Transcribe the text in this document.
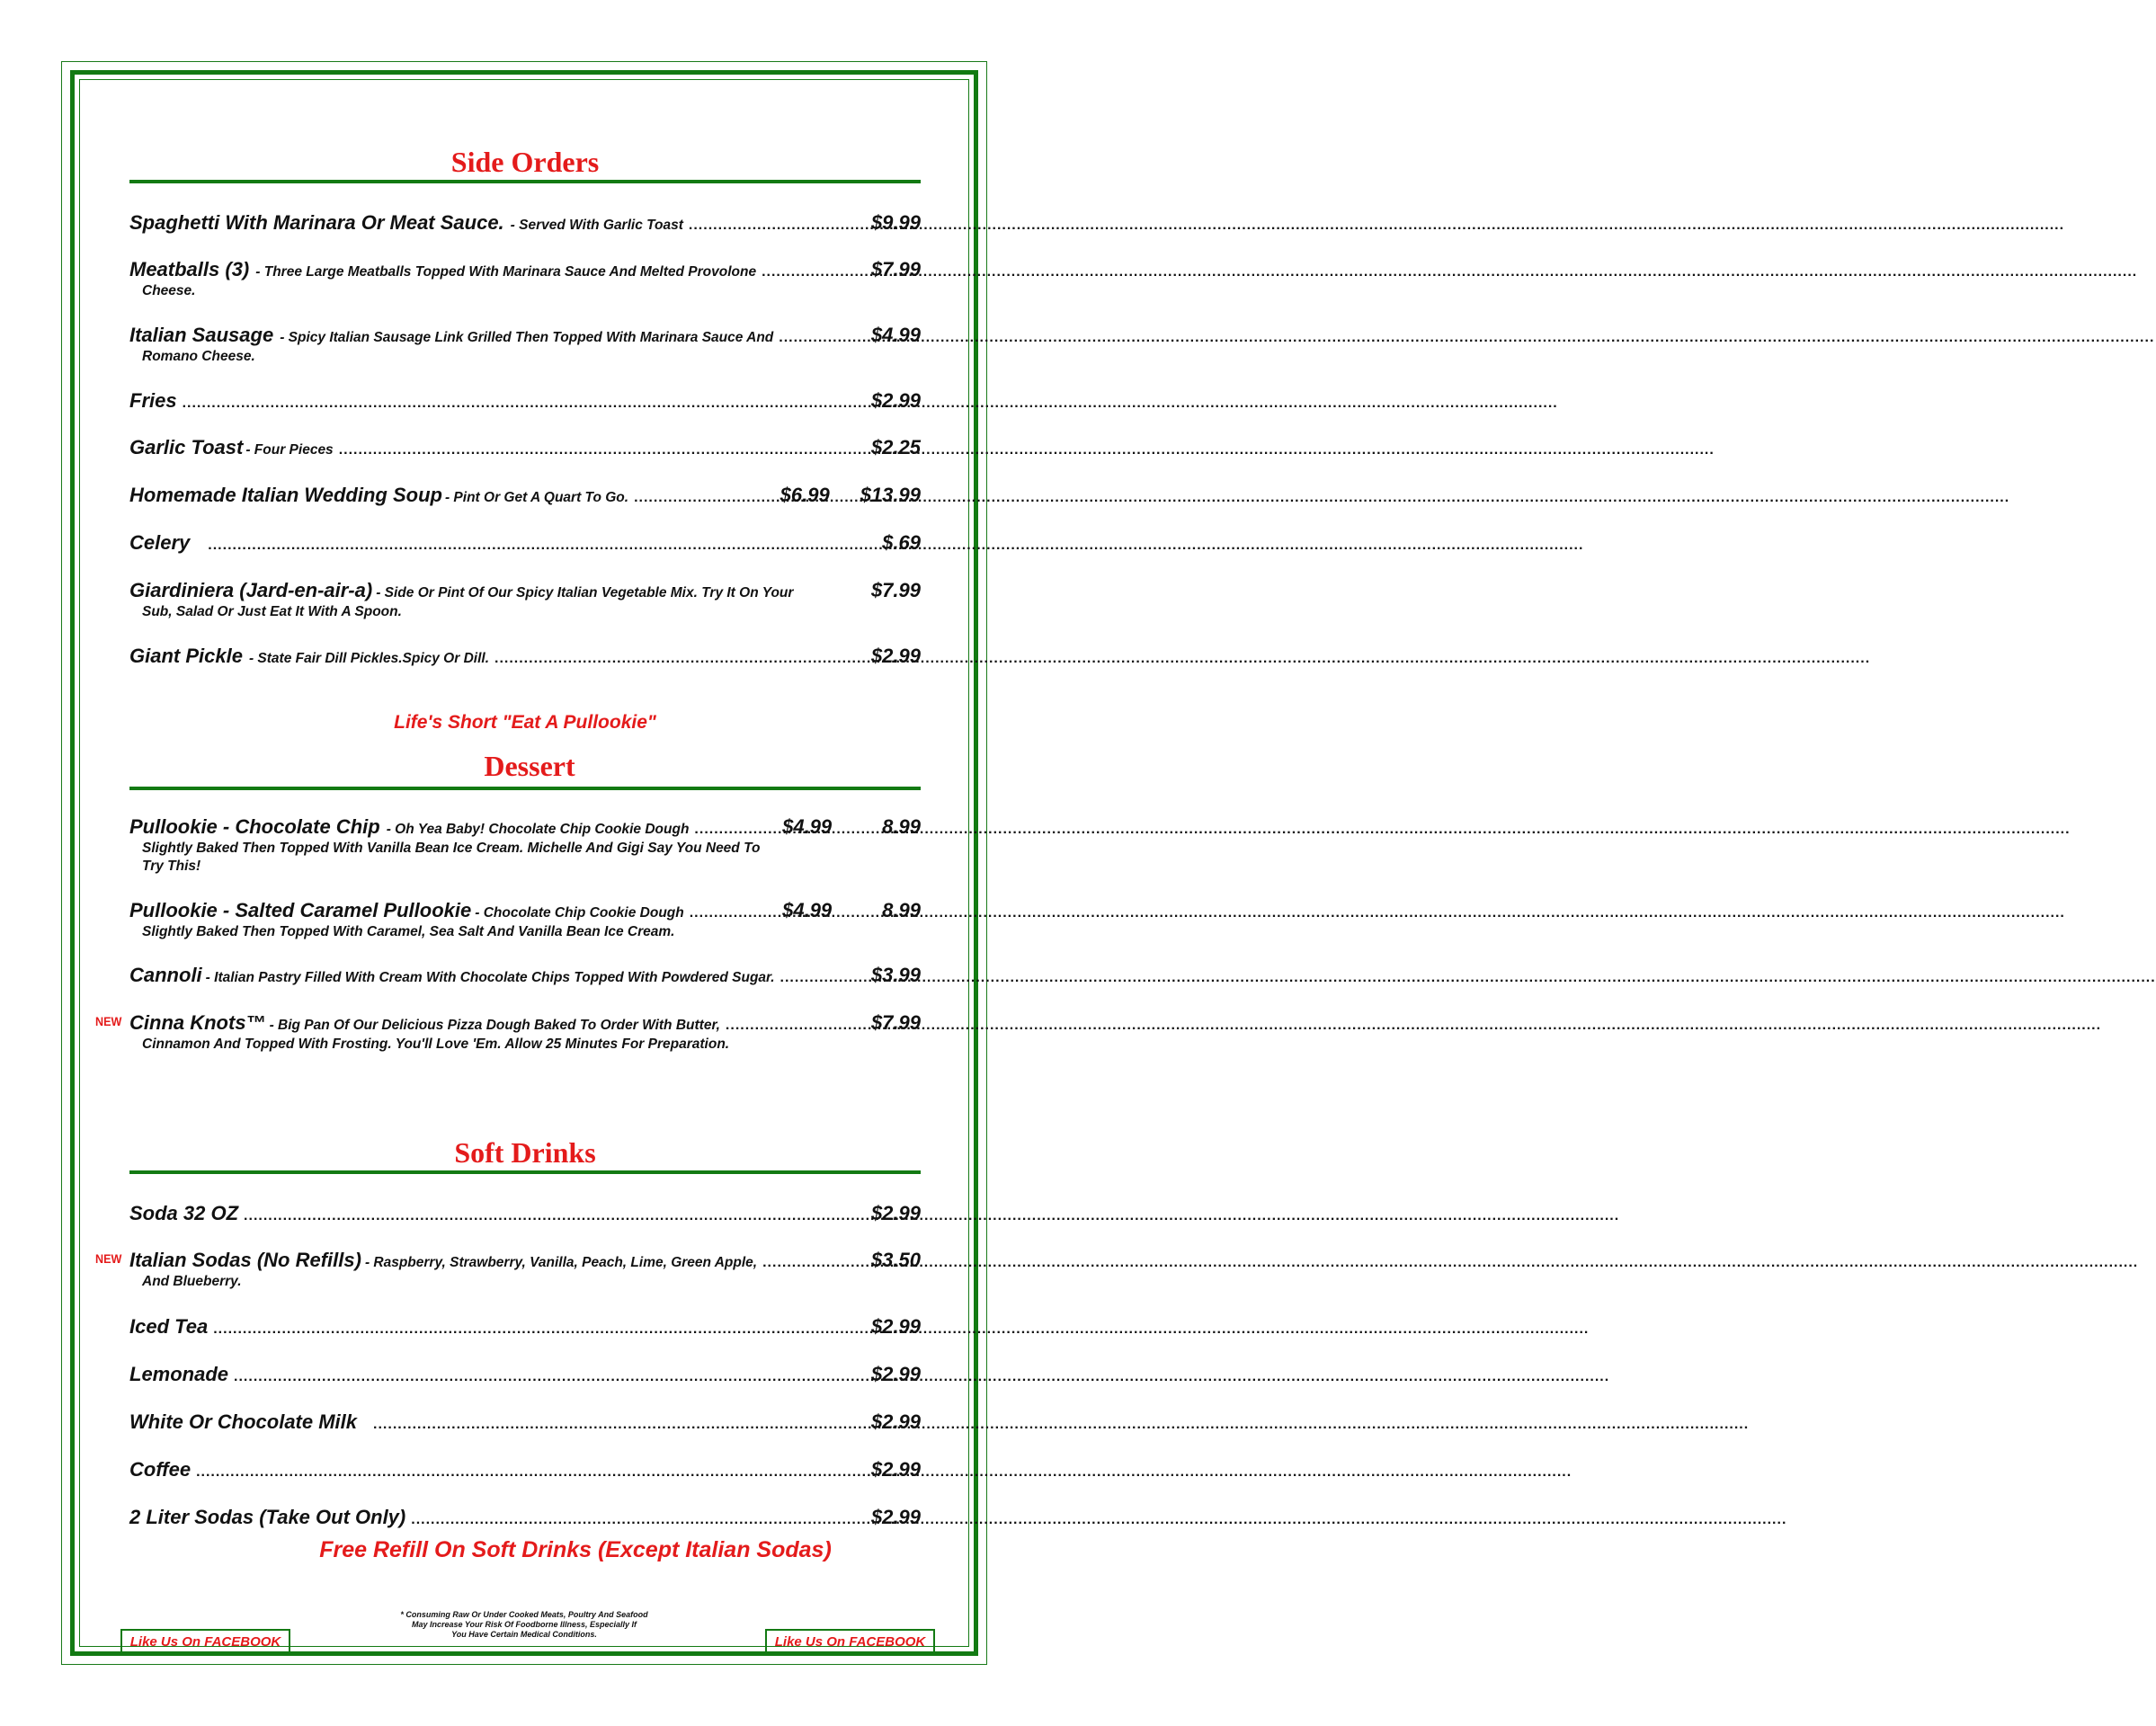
Side Orders
Spaghetti With Marinara Or Meat Sauce. - Served With Garlic Toast .....	$9.99
Meatballs (3) - Three Large Meatballs Topped With Marinara Sauce And Melted Provolone .....	$7.99
Cheese.
Italian Sausage - Spicy Italian Sausage Link Grilled Then Topped With Marinara Sauce And .....	$4.99
Romano Cheese.
Fries .....	$2.99
Garlic Toast - Four Pieces .....	$2.25
Homemade Italian Wedding Soup - Pint Or Get A Quart To Go. .....	$6.99 $13.99
Celery .....	$.69
Giardiniera (Jard-en-air-a) - Side Or Pint Of Our Spicy Italian Vegetable Mix. Try It On Your	$7.99
Sub, Salad Or Just Eat It With A Spoon.
Giant Pickle - State Fair Dill Pickles.Spicy Or Dill. .....	$2.99
Life's Short "Eat A Pullookie"
Dessert
Pullookie - Chocolate Chip - Oh Yea Baby! Chocolate Chip Cookie Dough .....	$4.99	8.99
Slightly Baked Then Topped With Vanilla Bean Ice Cream. Michelle And Gigi Say You Need To
Try This!
Pullookie - Salted Caramel Pullookie - Chocolate Chip Cookie Dough .....	$4.99	8.99
Slightly Baked Then Topped With Caramel, Sea Salt And Vanilla Bean Ice Cream.
Cannoli - Italian Pastry Filled With Cream With Chocolate Chips Topped With Powdered Sugar. .....	$3.99
NEW Cinna Knots™ - Big Pan Of Our Delicious Pizza Dough Baked To Order With Butter, .....	$7.99
Cinnamon And Topped With Frosting. You'll Love 'Em. Allow 25 Minutes For Preparation.
Soft Drinks
Soda 32 OZ .....	$2.99
NEW Italian Sodas (No Refills) - Raspberry, Strawberry, Vanilla, Peach, Lime, Green Apple, .....	$3.50
And Blueberry.
Iced Tea .....	$2.99
Lemonade .....	$2.99
White Or Chocolate Milk .....	$2.99
Coffee .....	$2.99
2 Liter Sodas (Take Out Only) .....	$2.99
Free Refill On Soft Drinks (Except Italian Sodas)
Like Us On FACEBOOK	Like Us On FACEBOOK
* Consuming Raw Or Under Cooked Meats, Poultry And Seafood
May Increase Your Risk Of Foodborne Illness, Especially If
You Have Certain Medical Conditions.
